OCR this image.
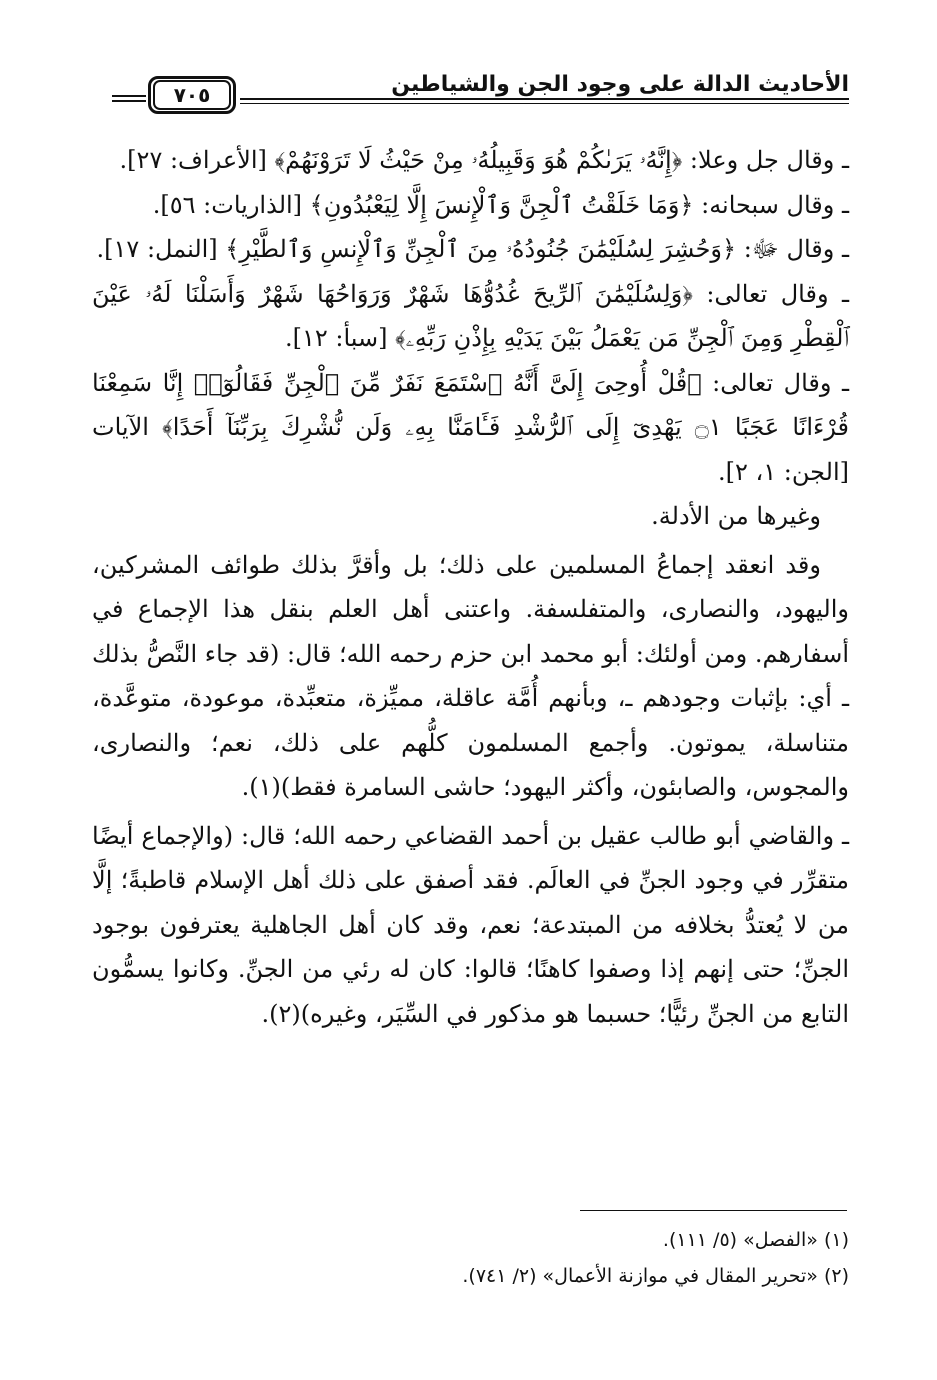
الأحاديث الدالة على وجود الجن والشياطين
٧٠٥

ـ وقال جل وعلا: ﴿إِنَّهُۥ يَرَىٰكُمْ هُوَ وَقَبِيلُهُۥ مِنْ حَيْثُ لَا تَرَوْنَهُمْ﴾ [الأعراف: ٢٧].

ـ وقال سبحانه: ﴿وَمَا خَلَقْتُ ٱلْجِنَّ وَٱلْإِنسَ إِلَّا لِيَعْبُدُونِ﴾ [الذاريات: ٥٦].

ـ وقال ﷻ: ﴿وَحُشِرَ لِسُلَيْمَٰنَ جُنُودُهُۥ مِنَ ٱلْجِنِّ وَٱلْإِنسِ وَٱلطَّيْرِ﴾ [النمل: ١٧].

ـ وقال تعالى: ﴿وَلِسُلَيْمَٰنَ ٱلرِّيحَ غُدُوُّهَا شَهْرٌ وَرَوَاحُهَا شَهْرٌ وَأَسَلْنَا لَهُۥ عَيْنَ ٱلْقِطْرِ وَمِنَ ٱلْجِنِّ مَن يَعْمَلُ بَيْنَ يَدَيْهِ بِإِذْنِ رَبِّهِۦ﴾ [سبأ: ١٢].

ـ وقال تعالى: ﴿قُلْ أُوحِىَ إِلَىَّ أَنَّهُ ٱسْتَمَعَ نَفَرٌ مِّنَ ٱلْجِنِّ فَقَالُوٓا۟ إِنَّا سَمِعْنَا قُرْءَانًا عَجَبًا ۝١ يَهْدِىٓ إِلَى ٱلرُّشْدِ فَـَٔامَنَّا بِهِۦ وَلَن نُّشْرِكَ بِرَبِّنَآ أَحَدًا﴾ الآيات [الجن: ١، ٢].

وغيرها من الأدلة.

وقد انعقد إجماعُ المسلمين على ذلك؛ بل وأقرَّ بذلك طوائف المشركين، واليهود، والنصارى، والمتفلسفة. واعتنى أهل العلم بنقل هذا الإجماع في أسفارهم. ومن أولئك: أبو محمد ابن حزم رحمه الله؛ قال: (قد جاء النَّصُّ بذلك ـ أي: بإثبات وجودهم ـ، وبأنهم أُمَّة عاقلة، مميِّزة، متعبِّدة، موعودة، متوعَّدة، متناسلة، يموتون. وأجمع المسلمون كلُّهم على ذلك، نعم؛ والنصارى، والمجوس، والصابئون، وأكثر اليهود؛ حاشى السامرة فقط)(١).

ـ والقاضي أبو طالب عقيل بن أحمد القضاعي رحمه الله؛ قال: (والإجماع أيضًا متقرِّر في وجود الجنِّ في العالَم. فقد أصفق على ذلك أهل الإسلام قاطبةً؛ إلَّا من لا يُعتدُّ بخلافه من المبتدعة؛ نعم، وقد كان أهل الجاهلية يعترفون بوجود الجنِّ؛ حتى إنهم إذا وصفوا كاهنًا؛ قالوا: كان له رئي من الجنِّ. وكانوا يسمُّون التابع من الجنِّ رئيًّا؛ حسبما هو مذكور في السِّيَر، وغيره)(٢).

(١) «الفصل» (٥/ ١١١).
(٢) «تحرير المقال في موازنة الأعمال» (٢/ ٧٤١).
